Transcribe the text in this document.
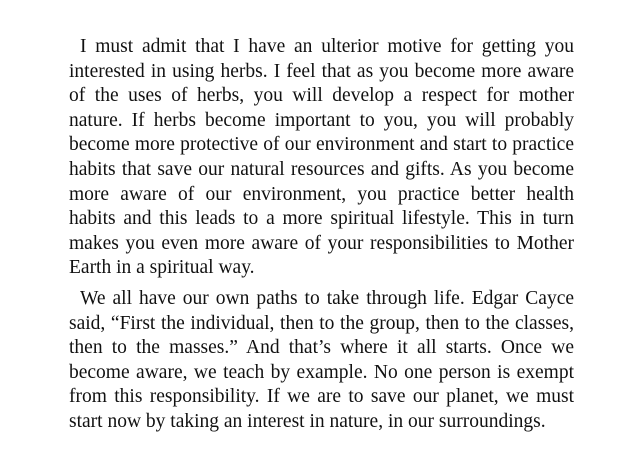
I must admit that I have an ulterior motive for getting you interested in using herbs. I feel that as you become more aware of the uses of herbs, you will develop a respect for mother nature. If herbs become important to you, you will probably become more protective of our environment and start to practice habits that save our natural resources and gifts. As you become more aware of our environment, you practice better health habits and this leads to a more spiritual lifestyle. This in turn makes you even more aware of your responsibilities to Mother Earth in a spiritual way.

We all have our own paths to take through life. Edgar Cayce said, “First the individual, then to the group, then to the classes, then to the masses.” And that’s where it all starts. Once we become aware, we teach by example. No one person is exempt from this responsibility. If we are to save our planet, we must start now by taking an interest in nature, in our surroundings.
